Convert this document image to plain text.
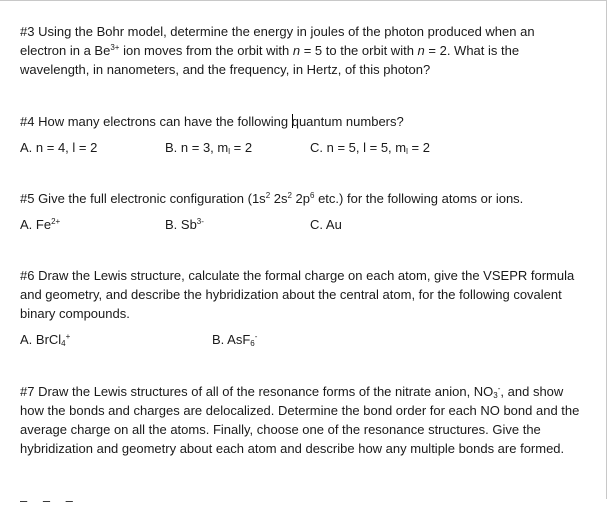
#3 Using the Bohr model, determine the energy in joules of the photon produced when an electron in a $Be^{3+}$ ion moves from the orbit with n = 5 to the orbit with n = 2. What is the wavelength, in nanometers, and the frequency, in Hertz, of this photon?

#4 How many electrons can have the following quantum numbers?

A. n = 4, l = 2	B. n = 3, $m_l = 2$	C. n = 5, l = 5, $m_l = 2$

#5 Give the full electronic configuration ($1s^2$ $2s^2$ $2p^6$ etc.) for the following atoms or ions.

A. $Fe^{2+}$	B. $Sb^{3-}$	C. Au

#6 Draw the Lewis structure, calculate the formal charge on each atom, give the VSEPR formula and geometry, and describe the hybridization about the central atom, for the following covalent binary compounds.

A. BrCl$_4$+	B. AsF$_6$-

#7 Draw the Lewis structures of all of the resonance forms of the nitrate anion, $NO_3^-$, and show how the bonds and charges are delocalized. Determine the bond order for each NO bond and the average charge on all the atoms. Finally, choose one of the resonance structures. Give the hybridization and geometry about each atom and describe how any multiple bonds are formed.

‒ ‒ ‒
